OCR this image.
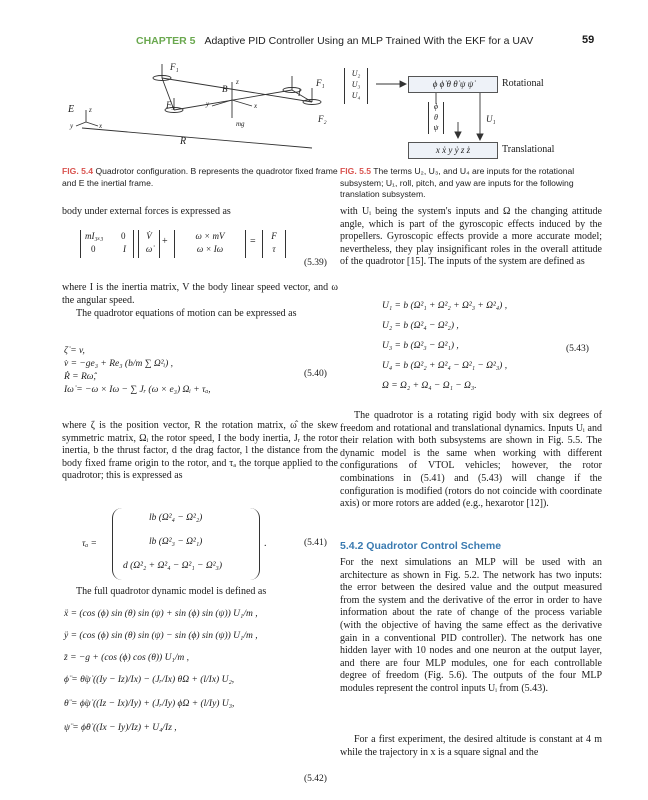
CHAPTER 5 Adaptive PID Controller Using an MLP Trained With the EKF for a UAV	59
F₁
F₁
F₃
F₂
B	l
z
x
y
mg
E z
x
y
R
FIG. 5.4 Quadrotor configuration. B represents the quadrotor fixed frame and E the inertial frame.
U₂
U₃
U₄
ϕ ϕ̇ θ θ̇ ψ ψ̇	Rotational
ϕ
θ
ψ
U₁
x ẋ y ẏ z ż	Translational
FIG. 5.5 The terms U₂, U₃, and U₄ are inputs for the rotational subsystem; U₁, roll, pitch, and yaw are inputs for the following translation subsystem.
body under external forces is expressed as
mI₃ₓ₃ 0
0	I
V̇
ω̇
+	ω × mV
ω × Iω
=	F
τ
(5.39)
where I is the inertia matrix, V the body linear speed vector, and ω the angular speed.
The quadrotor equations of motion can be expressed as
ζ̇ = v,
v̇ = −ge₃ + Re₃ (b/m ∑ Ω²ᵢ) ,
Ṙ = Rω̂,
Iω̇ = −ω × Iω − ∑ Jᵣ (ω × e₃) Ωᵢ + τₐ,
(5.40)
where ζ is the position vector, R the rotation matrix, ω̂ the skew symmetric matrix, Ωᵢ the rotor speed, I the body inertia, Jᵣ the rotor inertia, b the thrust factor, d the drag factor, l the distance from the body fixed frame origin to the rotor, and τₐ the torque applied to the quadrotor; this is expressed as
τₐ =
lb (Ω²₄ − Ω²₂)
lb (Ω²₃ − Ω²₁)
d (Ω²₂ + Ω²₄ − Ω²₁ − Ω²₃)
.	(5.41)
The full quadrotor dynamic model is defined as
ẍ = (cos (ϕ) sin (θ) sin (ψ) + sin (ϕ) sin (ψ)) U₁/m ,
ÿ = (cos (ϕ) sin (θ) sin (ψ) − sin (ϕ) sin (ψ)) U₁/m ,
z̈ = −g + (cos (ϕ) cos (θ)) U₁/m ,
ϕ̈ = θ̇ψ̇ ((Iy − Iz)/Ix) − (Jᵣ/Ix) θ̇Ω + (l/Ix) U₂,
θ̈ = ϕ̇ψ̇ ((Iz − Ix)/Iy) + (Jᵣ/Iy) ϕ̇Ω + (l/Iy) U₃,
ψ̈ = ϕ̇θ̇ ((Ix − Iy)/Iz) + U₄/Iz ,
(5.42)
with Uᵢ being the system's inputs and Ω the changing attitude angle, which is part of the gyroscopic effects induced by the propellers. Gyroscopic effects provide a more accurate model; nevertheless, they play insignificant roles in the overall attitude of the quadrotor [15]. The inputs of the system are defined as
U₁ = b (Ω²₁ + Ω²₂ + Ω²₃ + Ω²₄) ,
U₂ = b (Ω²₄ − Ω²₂) ,
U₃ = b (Ω²₃ − Ω²₁) ,
U₄ = b (Ω²₂ + Ω²₄ − Ω²₁ − Ω²₃) ,
Ω = Ω₂ + Ω₄ − Ω₁ − Ω₃.
(5.43)
The quadrotor is a rotating rigid body with six degrees of freedom and rotational and translational dynamics. Inputs Uᵢ and their relation with both subsystems are shown in Fig. 5.5. The dynamic model is the same when working with different configurations of VTOL vehicles; however, the rotor combinations in (5.41) and (5.43) will change if the configuration is modified (rotors do not coincide with coordinate axis) or more rotors are added (e.g., hexarotor [12]).
5.4.2 Quadrotor Control Scheme
For the next simulations an MLP will be used with an architecture as shown in Fig. 5.2. The network has two inputs: the error between the desired value and the output measured from the system and the derivative of the error in order to have information about the rate of change of the process variable (with the objective of having the same effect as the derivative gain in a conventional PID controller). The network has one hidden layer with 10 nodes and one neuron at the output layer, and there are four MLP modules, one for each controllable degree of freedom (Fig. 5.6). The outputs of the four MLP modules represent the control inputs Uᵢ from (5.43).
For a first experiment, the desired altitude is constant at 4 m while the trajectory in x is a square signal and the
